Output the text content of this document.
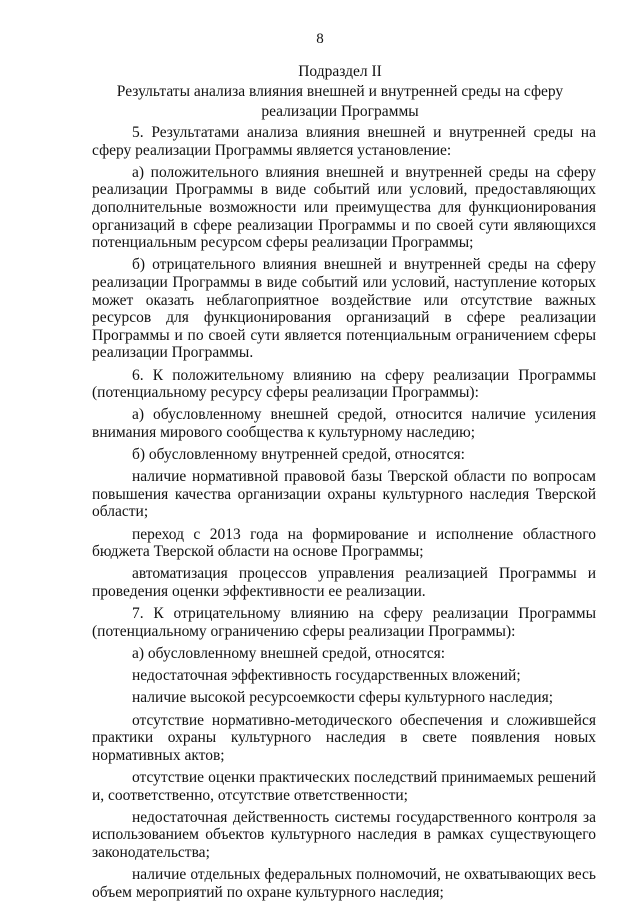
8
Подраздел II
Результаты анализа влияния внешней и внутренней среды на сферу
реализации Программы

5. Результатами анализа влияния внешней и внутренней среды на сферу реализации Программы является установление:

а) положительного влияния внешней и внутренней среды на сферу реализации Программы в виде событий или условий, предоставляющих дополнительные возможности или преимущества для функционирования организаций в сфере реализации Программы и по своей сути являющихся потенциальным ресурсом сферы реализации Программы;

б) отрицательного влияния внешней и внутренней среды на сферу реализации Программы в виде событий или условий, наступление которых может оказать неблагоприятное воздействие или отсутствие важных ресурсов для функционирования организаций в сфере реализации Программы и по своей сути является потенциальным ограничением сферы реализации Программы.

6. К положительному влиянию на сферу реализации Программы (потенциальному ресурсу сферы реализации Программы):

а) обусловленному внешней средой, относится наличие усиления внимания мирового сообщества к культурному наследию;

б) обусловленному внутренней средой, относятся:

наличие нормативной правовой базы Тверской области по вопросам повышения качества организации охраны культурного наследия Тверской области;

переход с 2013 года на формирование и исполнение областного бюджета Тверской области на основе Программы;

автоматизация процессов управления реализацией Программы и проведения оценки эффективности ее реализации.

7. К отрицательному влиянию на сферу реализации Программы (потенциальному ограничению сферы реализации Программы):

а) обусловленному внешней средой, относятся:

недостаточная эффективность государственных вложений;

наличие высокой ресурсоемкости сферы культурного наследия;

отсутствие нормативно-методического обеспечения и сложившейся практики охраны культурного наследия в свете появления новых нормативных актов;

отсутствие оценки практических последствий принимаемых решений и, соответственно, отсутствие ответственности;

недостаточная действенность системы государственного контроля за использованием объектов культурного наследия в рамках существующего законодательства;

наличие отдельных федеральных полномочий, не охватывающих весь объем мероприятий по охране культурного наследия;
